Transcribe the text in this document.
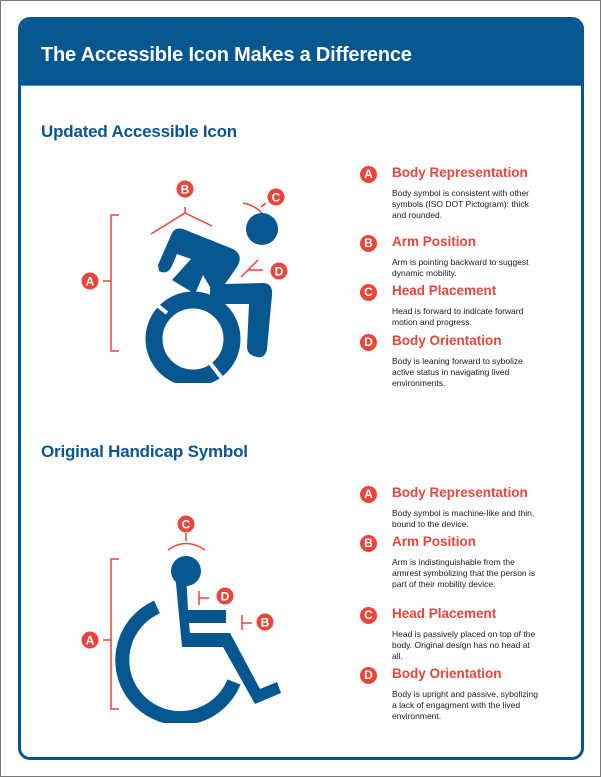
The Accessible Icon Makes a Difference
Updated Accessible Icon
A
B
C
D
A	Body Representation
Body symbol is consistent with other symbols (ISO DOT Pictogram): thick and rounded.
B	Arm Position
Arm is pointing backward to suggest dynamic mobility.
C	Head Placement
Head is forward to indicate forward motion and progress.
D	Body Orientation
Body is leaning forward to sybolize active status in navigating lived environments.
Original Handicap Symbol
A
C
D
B
A	Body Representation
Body symbol is machine-like and thin, bound to the device.
B	Arm Position
Arm is indistinguishable from the armrest symbolizing that the person is part of their mobility device.
C	Head Placement
Head is passively placed on top of the body. Original design has no head at all.
D	Body Orientation
Body is upright and passive, sybolizing a lack of engagment with the lived environment.
